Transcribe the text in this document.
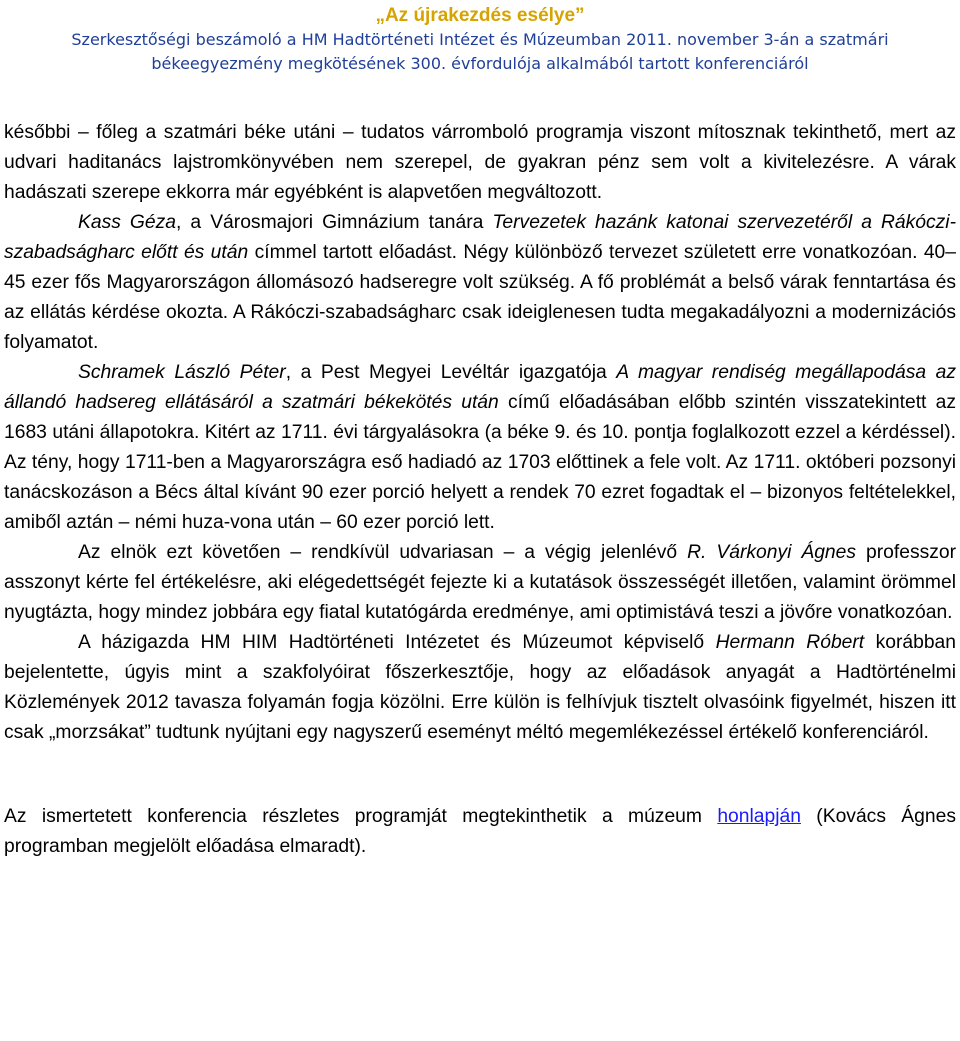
„Az újrakezdés esélye”
Szerkesztőségi beszámoló a HM Hadtörténeti Intézet és Múzeumban 2011. november 3-án a szatmári
békeegyezmény megkötésének 300. évfordulója alkalmából tartott konferenciáról

későbbi – főleg a szatmári béke utáni – tudatos várromboló programja viszont mítosznak tekinthető, mert az udvari haditanács lajstromkönyvében nem szerepel, de gyakran pénz sem volt a kivitelezésre. A várak hadászati szerepe ekkorra már egyébként is alapvetően megváltozott.

Kass Géza, a Városmajori Gimnázium tanára Tervezetek hazánk katonai szervezetéről a Rákóczi-szabadságharc előtt és után címmel tartott előadást. Négy különböző tervezet született erre vonatkozóan. 40–45 ezer fős Magyarországon állomásozó hadseregre volt szükség. A fő problémát a belső várak fenntartása és az ellátás kérdése okozta. A Rákóczi-szabadságharc csak ideiglenesen tudta megakadályozni a modernizációs folyamatot.

Schramek László Péter, a Pest Megyei Levéltár igazgatója A magyar rendiség megállapodása az állandó hadsereg ellátásáról a szatmári békekötés után című előadásában előbb szintén visszatekintett az 1683 utáni állapotokra. Kitért az 1711. évi tárgyalásokra (a béke 9. és 10. pontja foglalkozott ezzel a kérdéssel). Az tény, hogy 1711-ben a Magyarországra eső hadiadó az 1703 előttinek a fele volt. Az 1711. októberi pozsonyi tanácskozáson a Bécs által kívánt 90 ezer porció helyett a rendek 70 ezret fogadtak el – bizonyos feltételekkel, amiből aztán – némi huza-vona után – 60 ezer porció lett.

Az elnök ezt követően – rendkívül udvariasan – a végig jelenlévő R. Várkonyi Ágnes professzor asszonyt kérte fel értékelésre, aki elégedettségét fejezte ki a kutatások összességét illetően, valamint örömmel nyugtázta, hogy mindez jobbára egy fiatal kutatógárda eredménye, ami optimistává teszi a jövőre vonatkozóan.

A házigazda HM HIM Hadtörténeti Intézetet és Múzeumot képviselő Hermann Róbert korábban bejelentette, úgyis mint a szakfolyóirat főszerkesztője, hogy az előadások anyagát a Hadtörténelmi Közlemények 2012 tavasza folyamán fogja közölni. Erre külön is felhívjuk tisztelt olvasóink figyelmét, hiszen itt csak „morzsákat” tudtunk nyújtani egy nagyszerű eseményt méltó megemlékezéssel értékelő konferenciáról.

Az ismertetett konferencia részletes programját megtekinthetik a múzeum honlapján (Kovács Ágnes programban megjelölt előadása elmaradt).
